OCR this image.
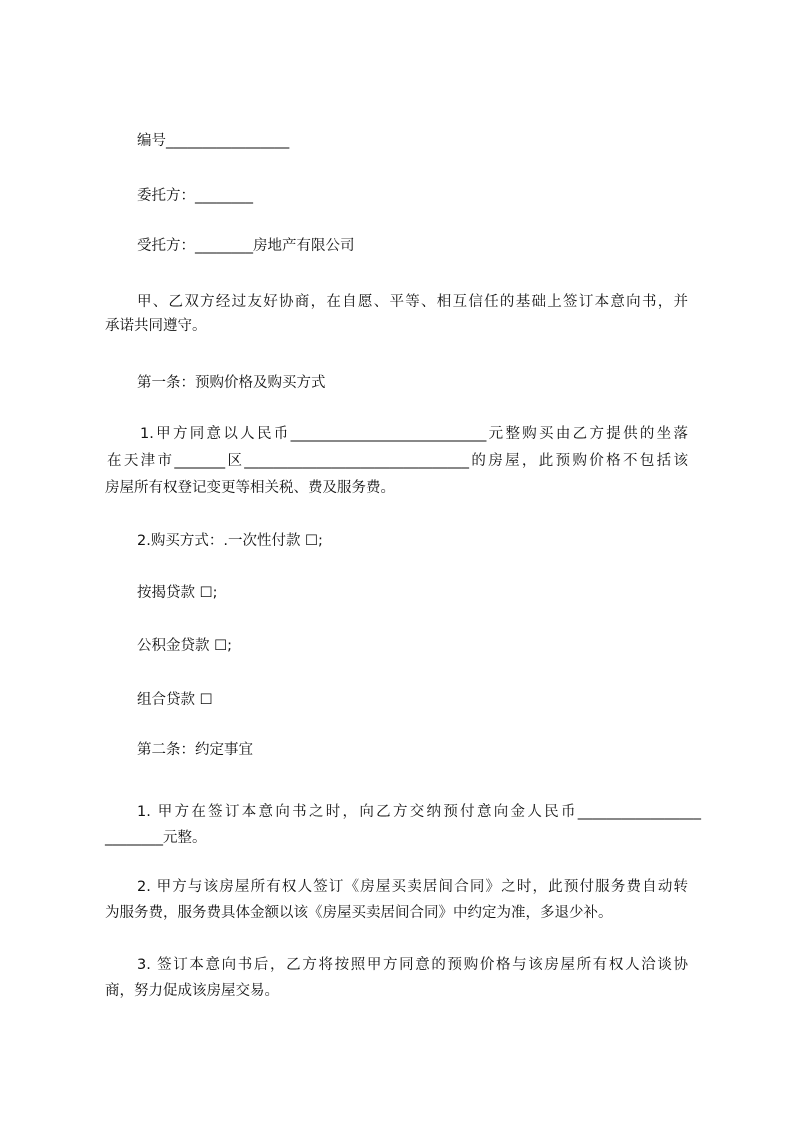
编号_________________
委托方：________
受托方：________房地产有限公司
甲、乙双方经过友好协商，在自愿、平等、相互信任的基础上签订本意向书，并
承诺共同遵守。
第一条：预购价格及购买方式
1.甲方同意以人民币___________________________元整购买由乙方提供的坐落
在天津市_______区_______________________________的房屋，此预购价格不包括该
房屋所有权登记变更等相关税、费及服务费。
2.购买方式：.一次性付款 ☐;
按揭贷款 ☐;
公积金贷款 ☐;
组合贷款 ☐
第二条：约定事宜
1. 甲方在签订本意向书之时，向乙方交纳预付意向金人民币_________________
________元整。
2. 甲方与该房屋所有权人签订《房屋买卖居间合同》之时，此预付服务费自动转
为服务费，服务费具体金额以该《房屋买卖居间合同》中约定为准，多退少补。
3. 签订本意向书后，乙方将按照甲方同意的预购价格与该房屋所有权人洽谈协
商，努力促成该房屋交易。
